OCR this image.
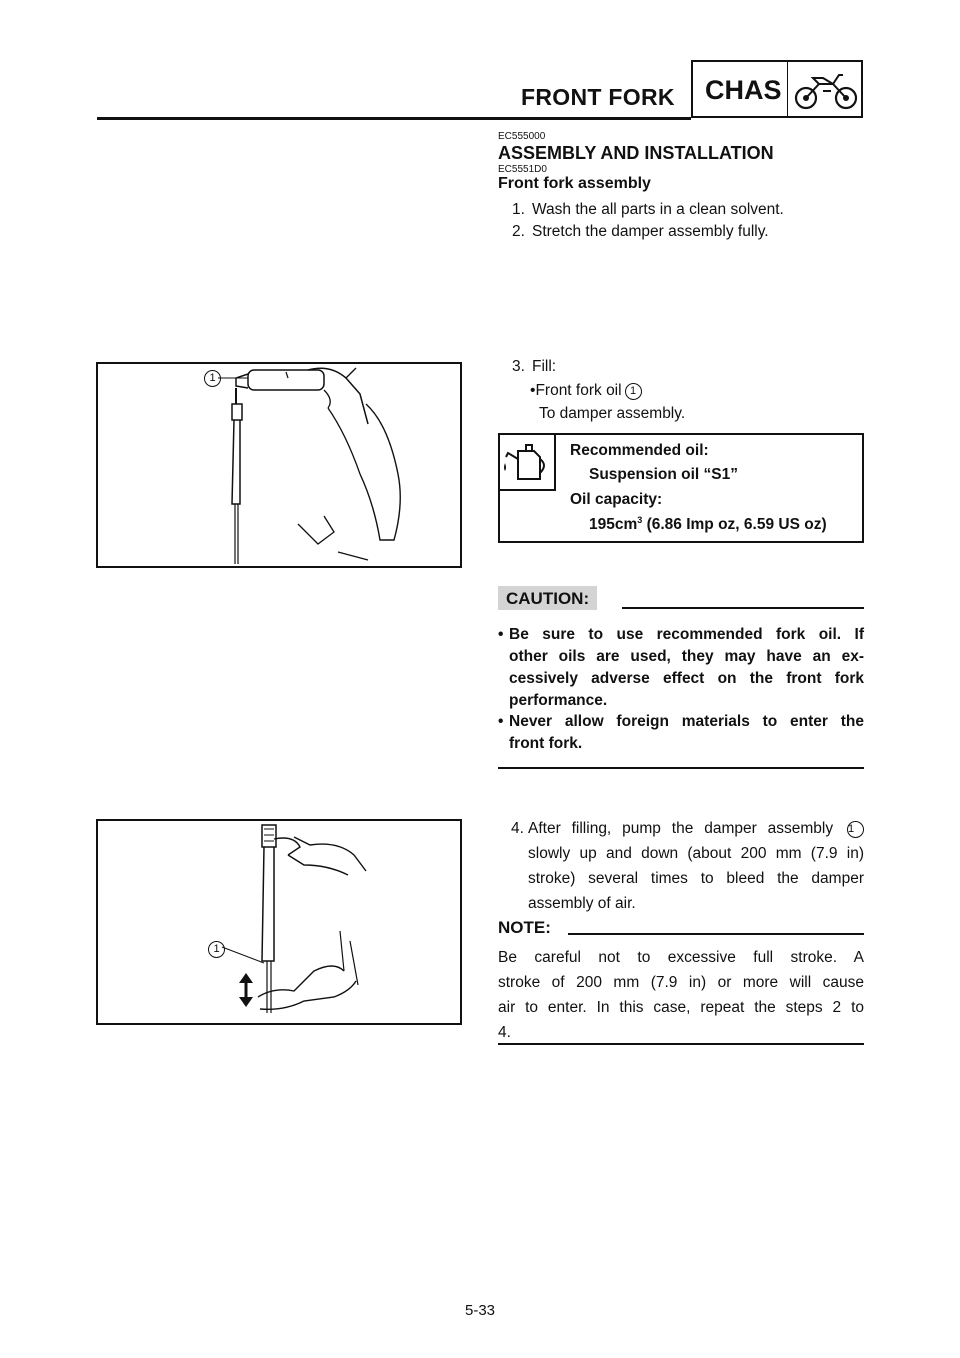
FRONT FORK CHAS
EC555000
ASSEMBLY AND INSTALLATION
EC5551D0
Front fork assembly
1. Wash the all parts in a clean solvent.
2. Stretch the damper assembly fully.
1
3. Fill:
•Front fork oil 1
To damper assembly.
Recommended oil:
Suspension oil “S1”
Oil capacity:
$195cm^3$ (6.86 Imp oz, 6.59 US oz)
CAUTION:
• Be sure to use recommended fork oil. If
other oils are used, they may have an ex-
cessively adverse effect on the front fork
performance.
• Never allow foreign materials to enter the
front fork.
1
4. After filling, pump the damper assembly 1
slowly up and down (about 200 mm (7.9 in)
stroke) several times to bleed the damper
assembly of air.
NOTE:
Be careful not to excessive full stroke. A
stroke of 200 mm (7.9 in) or more will cause
air to enter. In this case, repeat the steps 2 to
4.
5-33
